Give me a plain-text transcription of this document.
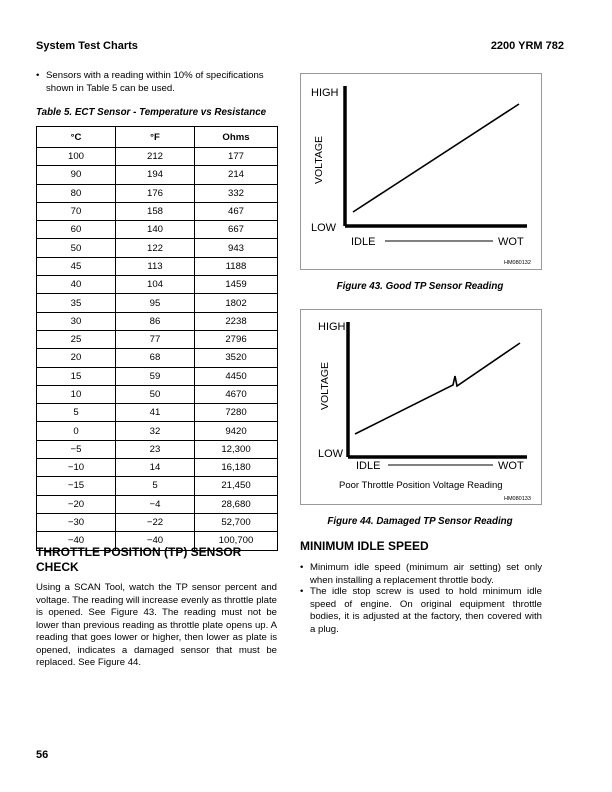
System Test Charts	2200 YRM 782
• Sensors with a reading within 10% of specifications shown in Table 5 can be used.
Table 5. ECT Sensor - Temperature vs Resistance
°C	°F	Ohms
100	212	177
90	194	214
80	176	332
70	158	467
60	140	667
50	122	943
45	113	1188
40	104	1459
35	95	1802
30	86	2238
25	77	2796
20	68	3520
15	59	4450
10	50	4670
5	41	7280
0	32	9420
−5	23	12,300
−10	14	16,180
−15	5	21,450
−20	−4	28,680
−30	−22	52,700
−40	−40	100,700
THROTTLE POSITION (TP) SENSOR CHECK
Using a SCAN Tool, watch the TP sensor percent and voltage. The reading will increase evenly as throttle plate is opened. See Figure 43. The reading must not be lower than previous reading as throttle plate opens up. A reading that goes lower or higher, then lower as plate is opened, indicates a damaged sensor that must be replaced. See Figure 44.
HIGH
VOLTAGE
LOW
IDLE	WOT
HM080132
Figure 43. Good TP Sensor Reading
HIGH
VOLTAGE
LOW
IDLE	WOT
Poor Throttle Position Voltage Reading
HM080133
Figure 44. Damaged TP Sensor Reading
MINIMUM IDLE SPEED
• Minimum idle speed (minimum air setting) set only when installing a replacement throttle body.
• The idle stop screw is used to hold minimum idle speed of engine. On original equipment throttle bodies, it is adjusted at the factory, then covered with a plug.
56
